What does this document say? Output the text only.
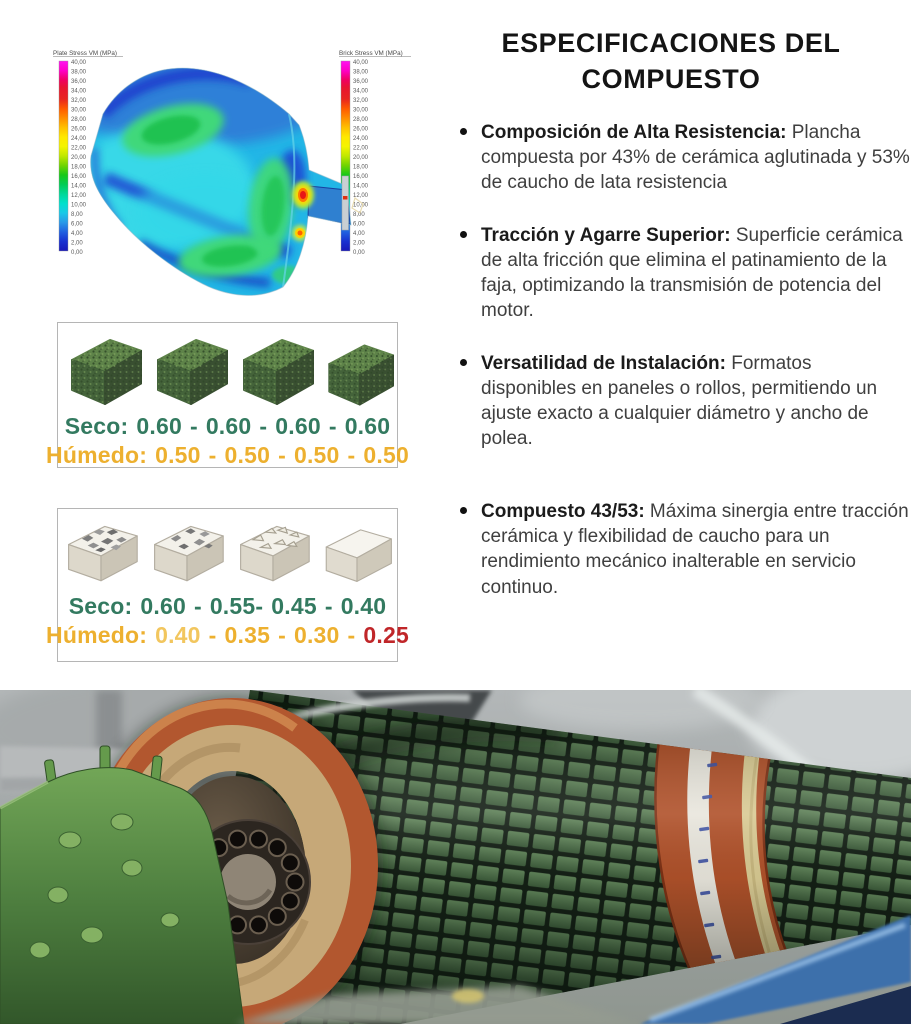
Plate Stress VM (MPa)
40,00
38,00
36,00
34,00
32,00
30,00
28,00
26,00
24,00
22,00
20,00
18,00
16,00
14,00
12,00
10,00
8,00
6,00
4,00
2,00
0,00
Brick Stress VM (MPa)
40,00
38,00
36,00
34,00
32,00
30,00
28,00
26,00
24,00
22,00
20,00
18,00
16,00
14,00
12,00
10,00
8,00
6,00
4,00
2,00
0,00
Seco: 0.60 - 0.60 - 0.60 - 0.60
Húmedo: 0.50 - 0.50 - 0.50 - 0.50
Seco: 0.60 - 0.55- 0.45 - 0.40
Húmedo: 0.40 - 0.35 - 0.30 - 0.25
ESPECIFICACIONES DEL
COMPUESTO

Composición de Alta Resistencia: Plancha compuesta por 43% de cerámica aglutinada y 53% de caucho de lata resistencia

Tracción y Agarre Superior: Superficie cerámica de alta fricción que elimina el patinamiento de la faja, optimizando la transmisión de potencia del motor.

Versatilidad de Instalación: Formatos disponibles en paneles o rollos, permitiendo un ajuste exacto a cualquier diámetro y ancho de polea.

Compuesto 43/53: Máxima sinergia entre tracción cerámica y flexibilidad de caucho para un rendimiento mecánico inalterable en servicio continuo.
